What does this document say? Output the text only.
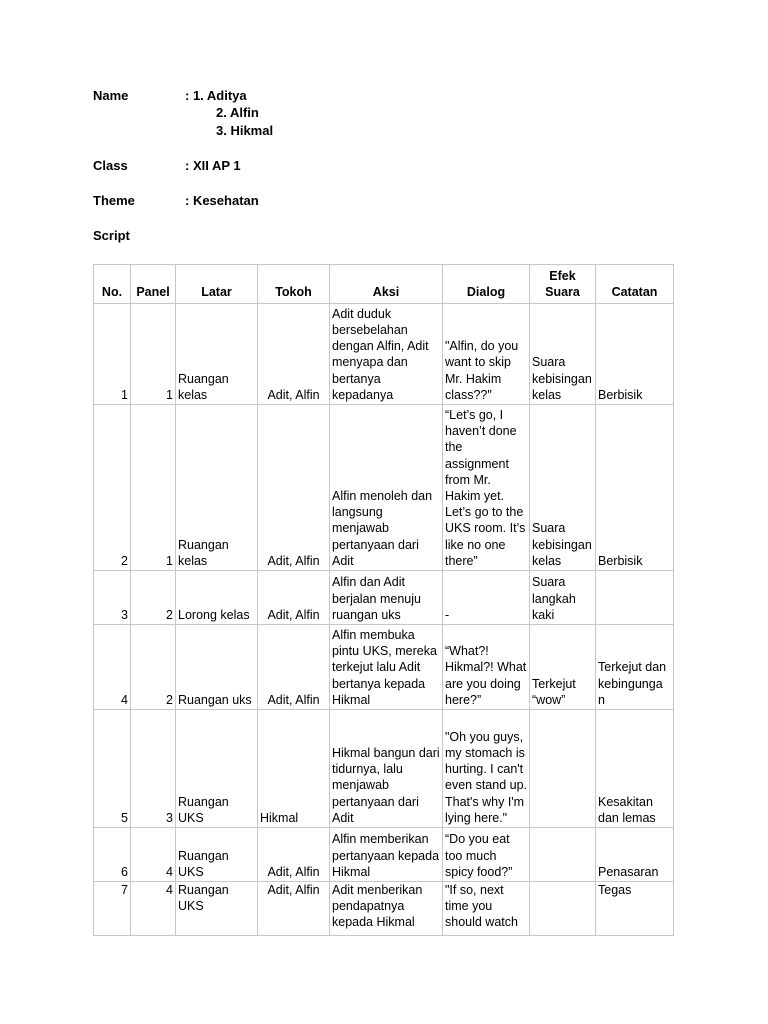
Name	: 1. Aditya
2. Alfin
3. Hikmal
Class	: XII AP 1
Theme	: Kesehatan
Script
No.	Panel	Latar	Tokoh	Aksi	Dialog	Efek Suara	Catatan
1	1	Ruangan kelas	Adit, Alfin	Adit duduk bersebelahan dengan Alfin, Adit menyapa dan bertanya kepadanya	"Alfin, do you want to skip Mr. Hakim class??"	Suara kebisingan kelas	Berbisik
2	1	Ruangan kelas	Adit, Alfin	Alfin menoleh dan langsung menjawab pertanyaan dari Adit	“Let’s go, I haven’t done the assignment from Mr. Hakim yet. Let’s go to the UKS room. It’s like no one there”	Suara kebisingan kelas	Berbisik
3	2	Lorong kelas	Adit, Alfin	Alfin dan Adit berjalan menuju ruangan uks	-	Suara langkah kaki	
4	2	Ruangan uks	Adit, Alfin	Alfin membuka pintu UKS, mereka terkejut lalu Adit bertanya kepada Hikmal	“What?! Hikmal?! What are you doing here?”	Terkejut “wow”	Terkejut dan kebingunga n
5	3	Ruangan UKS	Hikmal	Hikmal bangun dari tidurnya, lalu menjawab pertanyaan dari Adit	"Oh you guys, my stomach is hurting. I can't even stand up. That's why I'm lying here."		Kesakitan dan lemas
6	4	Ruangan UKS	Adit, Alfin	Alfin memberikan pertanyaan kepada Hikmal	“Do you eat too much spicy food?”		Penasaran
7	4	Ruangan UKS	Adit, Alfin	Adit menberikan pendapatnya kepada Hikmal	"If so, next time you should watch		Tegas
